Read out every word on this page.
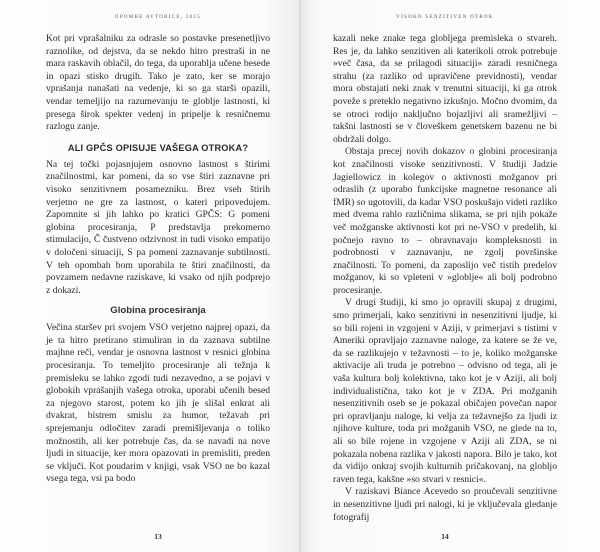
OPOMBE AVTORICE, 2015

Kot pri vprašalniku za odrasle so postavke presenetljivo raznolike, od dejstva, da se nekdo hitro prestraši in ne mara raskavih oblačil, do tega, da uporablja učene besede in opazi stisko drugih. Tako je zato, ker se morajo vprašanja nanašati na vedenje, ki so ga starši opazili, vendar temeljijo na razumevanju te globlje lastnosti, ki presega širok spekter vedenj in pripelje k resničnemu razlogu zanje.

ALI GPČS OPISUJE VAŠEGA OTROKA?

Na tej točki pojasnjujem osnovno lastnost s štirimi značilnostmi, kar pomeni, da so vse štiri zaznavne pri visoko senzitivnem posamezniku. Brez vseh štirih verjetno ne gre za lastnost, o kateri pripovedujem. Zapomnite si jih lahko po kratici GPČS: G pomeni globina procesiranja, P predstavlja prekomerno stimulacijo, Č čustveno odzivnost in tudi visoko empatijo v določeni situaciji, S pa pomeni zaznavanje subtilnosti. V teh opombah bom uporabila te štiri značilnosti, da povzamem nedavne raziskave, ki vsako od njih podprejo z dokazi.

Globina procesiranja

Večina staršev pri svojem VSO verjetno najprej opazi, da je ta hitro pretirano stimuliran in da zaznava subtilne majhne reči, vendar je osnovna lastnost v resnici globina procesiranja. To temeljito procesiranje ali težnja k premisleku se lahko zgodi tudi nezavedno, a se pojavi v globokih vprašanjih vašega otroka, uporabi učenih besed za njegovo starost, potem ko jih je slišal enkrat ali dvakrat, bistrem smislu za humor, težavah pri sprejemanju odločitev zaradi premišljevanja o toliko možnostih, ali ker potrebuje čas, da se navadi na nove ljudi in situacije, ker mora opazovati in premisliti, preden se vključi. Kot poudarim v knjigi, vsak VSO ne bo kazal vsega tega, vsi pa bodo

13
VISOKO SENZITIVEN OTROK

kazali neke znake tega globljega premisleka o stvareh. Res je, da lahko senzitiven ali katerikoli otrok potrebuje »več časa, da se prilagodi situaciji« zaradi resničnega strahu (za razliko od upravičene previdnosti), vendar mora obstajati neki znak v trenutni situaciji, ki ga otrok poveže s preteklo negativno izkušnjo. Močno dvomim, da se otroci rodijo naključno bojazljivi ali sramežljivi – takšni lastnosti se v človeškem genetskem bazenu ne bi obdržali dolgo.

Obstaja precej novih dokazov o globini procesiranja kot značilnosti visoke senzitivnosti. V študiji Jadzie Jagiellowicz in kolegov o aktivnosti možganov pri odraslih (z uporabo funkcijske magnetne resonance ali fMR) so ugotovili, da kadar VSO poskušajo videti razliko med dvema rahlo različnima slikama, se pri njih pokaže več možganske aktivnosti kot pri ne-VSO v predelih, ki počnejo ravno to – obravnavajo kompleksnosti in podrobnosti v zaznavanju, ne zgolj površinske značilnosti. To pomeni, da zaposlijo več tistih predelov možganov, ki so vpleteni v »globlje« ali bolj podrobno procesiranje.

V drugi študiji, ki smo jo opravili skupaj z drugimi, smo primerjali, kako senzitivni in nesenzitivni ljudje, ki so bili rojeni in vzgojeni v Aziji, v primerjavi s tistimi v Ameriki opravljajo zaznavne naloge, za katere se že ve, da se razlikujejo v težavnosti – to je, koliko možganske aktivacije ali truda je potrebno – odvisno od tega, ali je vaša kultura bolj kolektivna, tako kot je v Aziji, ali bolj individualistična, tako kot je v ZDA. Pri možganih nesenzitivnih oseb se je pokazal običajen povečan napor pri opravljanju naloge, ki velja za težavnejšo za ljudi iz njihove kulture, toda pri možganih VSO, ne glede na to, ali so bile rojene in vzgojene v Aziji ali ZDA, se ni pokazala nobena razlika v jakosti napora. Bilo je tako, kot da vidijo onkraj svojih kulturnih pričakovanj, na globljo raven tega, kakšne »so stvari v resnici«.

V raziskavi Biance Acevedo so proučevali senzitivne in nesenzitivne ljudi pri nalogi, ki je vključevala gledanje fotografij

14
